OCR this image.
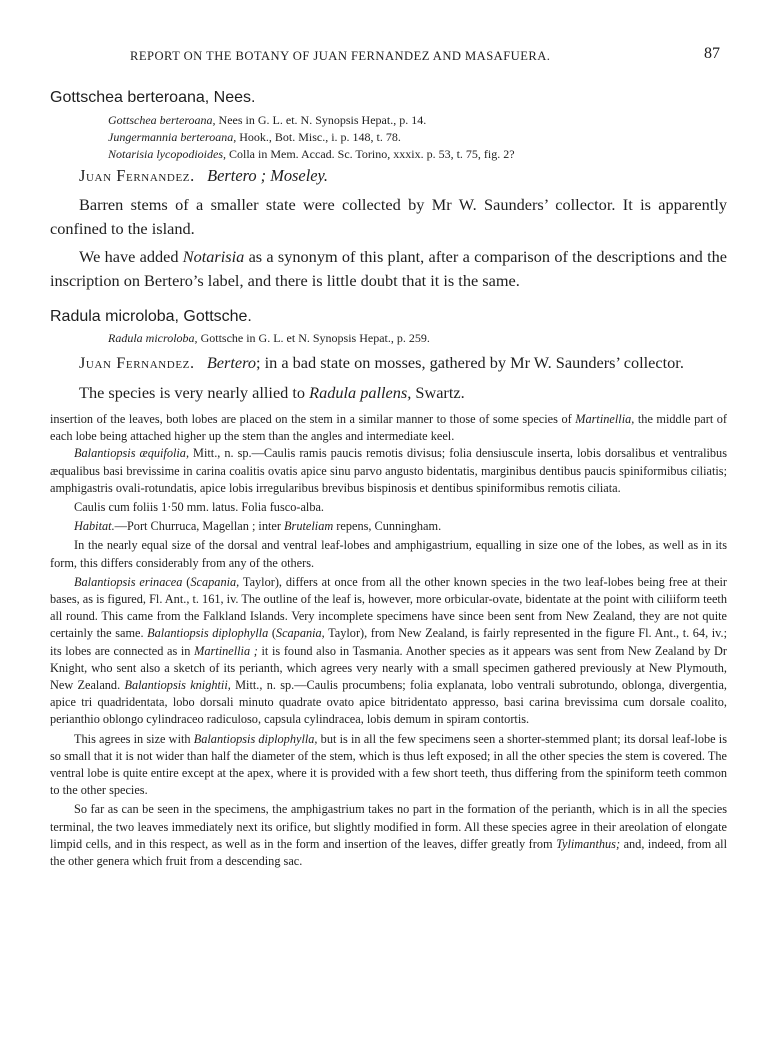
REPORT ON THE BOTANY OF JUAN FERNANDEZ AND MASAFUERA.	87

Gottschea berteroana, Nees.

Gottschea berteroana, Nees in G. L. et. N. Synopsis Hepat., p. 14.

Jungermannia berteroana, Hook., Bot. Misc., i. p. 148, t. 78.

Notarisia lycopodioides, Colla in Mem. Accad. Sc. Torino, xxxix. p. 53, t. 75, fig. 2?

Juan Fernandez. Bertero ; Moseley.

Barren stems of a smaller state were collected by Mr W. Saunders’ collector. It is apparently confined to the island.

We have added Notarisia as a synonym of this plant, after a comparison of the descriptions and the inscription on Bertero’s label, and there is little doubt that it is the same.

Radula microloba, Gottsche.

Radula microloba, Gottsche in G. L. et N. Synopsis Hepat., p. 259.

Juan Fernandez. Bertero; in a bad state on mosses, gathered by Mr W. Saunders’ collector.

The species is very nearly allied to Radula pallens, Swartz.

insertion of the leaves, both lobes are placed on the stem in a similar manner to those of some species of Martinellia, the middle part of each lobe being attached higher up the stem than the angles and intermediate keel.

Balantiopsis æquifolia, Mitt., n. sp.—Caulis ramis paucis remotis divisus; folia densiuscule inserta, lobis dorsalibus et ventralibus æqualibus basi brevissime in carina coalitis ovatis apice sinu parvo angusto bidentatis, marginibus dentibus paucis spiniformibus ciliatis; amphigastris ovali-rotundatis, apice lobis irregularibus brevibus bispinosis et dentibus spiniformibus remotis ciliata.

Caulis cum foliis 1·50 mm. latus. Folia fusco-alba.

Habitat.—Port Churruca, Magellan ; inter Bruteliam repens, Cunningham.

In the nearly equal size of the dorsal and ventral leaf-lobes and amphigastrium, equalling in size one of the lobes, as well as in its form, this differs considerably from any of the others.

Balantiopsis erinacea (Scapania, Taylor), differs at once from all the other known species in the two leaf-lobes being free at their bases, as is figured, Fl. Ant., t. 161, iv. The outline of the leaf is, however, more orbicular-ovate, bidentate at the point with ciliiform teeth all round. This came from the Falkland Islands. Very incomplete specimens have since been sent from New Zealand, they are not quite certainly the same. Balantiopsis diplophylla (Scapania, Taylor), from New Zealand, is fairly represented in the figure Fl. Ant., t. 64, iv.; its lobes are connected as in Martinellia ; it is found also in Tasmania. Another species as it appears was sent from New Zealand by Dr Knight, who sent also a sketch of its perianth, which agrees very nearly with a small specimen gathered previously at New Plymouth, New Zealand. Balantiopsis knightii, Mitt., n. sp.—Caulis procumbens; folia explanata, lobo ventrali subrotundo, oblonga, divergentia, apice tri quadridentata, lobo dorsali minuto quadrate ovato apice bitridentato appresso, basi carina brevissima cum dorsale coalito, perianthio oblongo cylindraceo radiculoso, capsula cylindracea, lobis demum in spiram contortis.

This agrees in size with Balantiopsis diplophylla, but is in all the few specimens seen a shorter-stemmed plant; its dorsal leaf-lobe is so small that it is not wider than half the diameter of the stem, which is thus left exposed; in all the other species the stem is covered. The ventral lobe is quite entire except at the apex, where it is provided with a few short teeth, thus differing from the spiniform teeth common to the other species.

So far as can be seen in the specimens, the amphigastrium takes no part in the formation of the perianth, which is in all the species terminal, the two leaves immediately next its orifice, but slightly modified in form. All these species agree in their areolation of elongate limpid cells, and in this respect, as well as in the form and insertion of the leaves, differ greatly from Tylimanthus; and, indeed, from all the other genera which fruit from a descending sac.
